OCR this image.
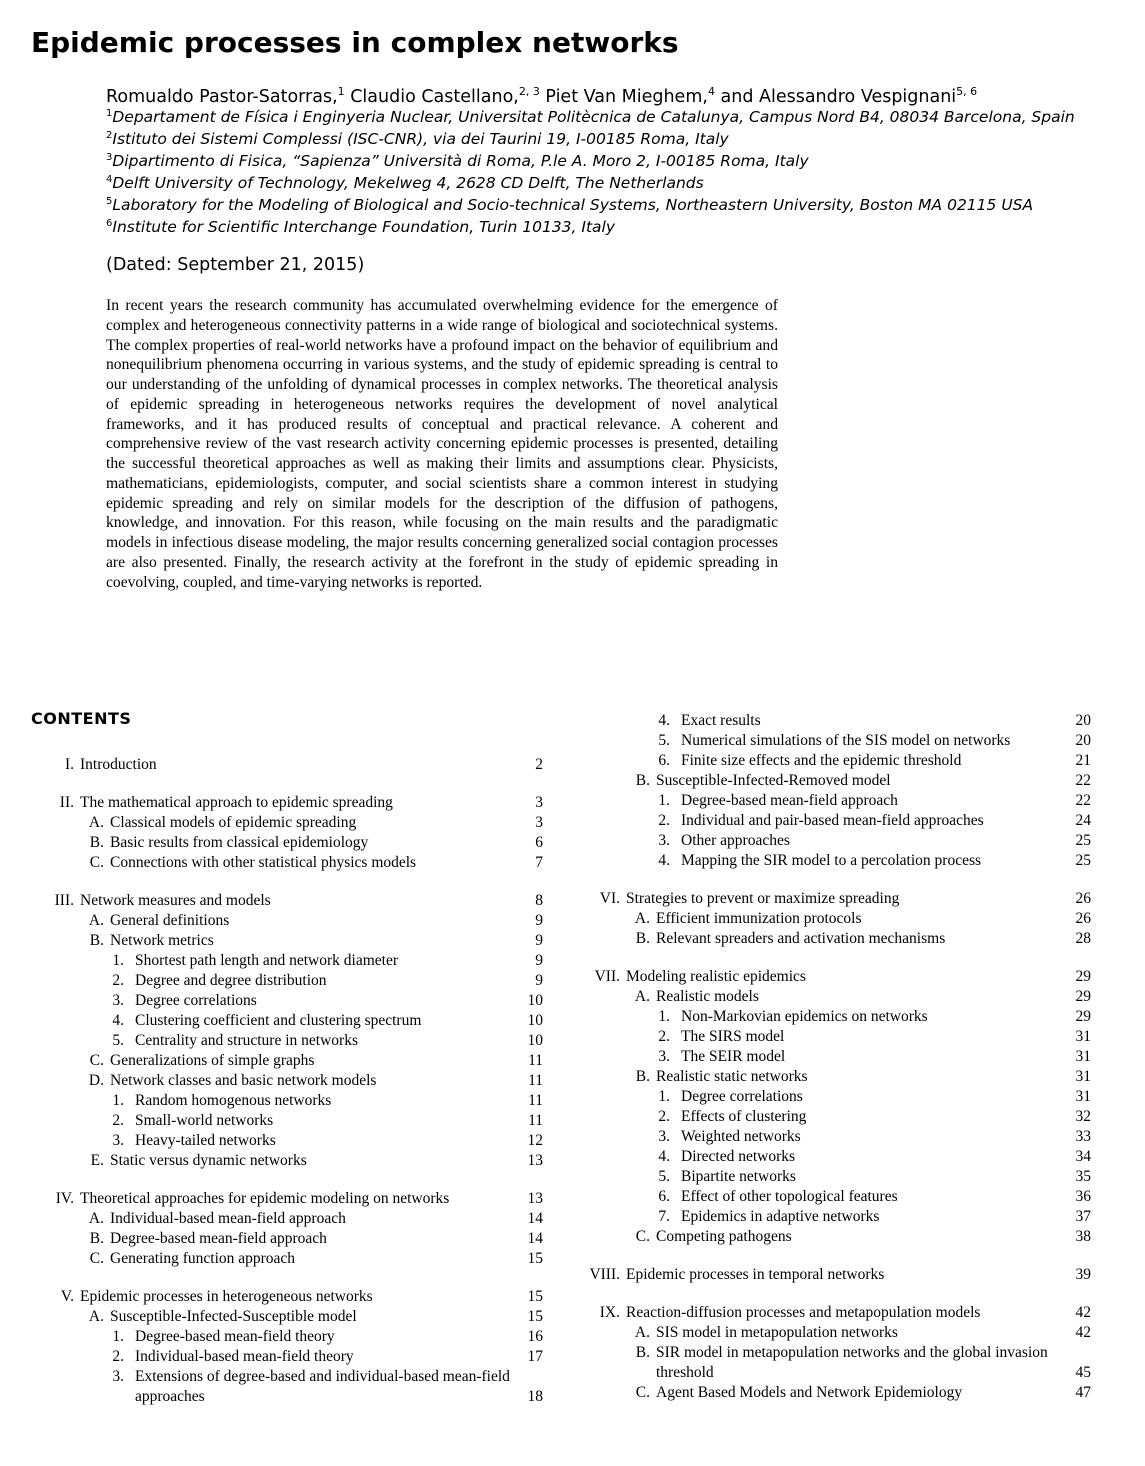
Epidemic processes in complex networks
Romualdo Pastor-Satorras,$^1$ Claudio Castellano,$^{2, 3}$ Piet Van Mieghem,$^4$ and Alessandro Vespignani$^{5, 6}$
$^1$Departament de Física i Enginyeria Nuclear, Universitat Politècnica de Catalunya, Campus Nord B4, 08034 Barcelona, Spain
$^2$Istituto dei Sistemi Complessi (ISC-CNR), via dei Taurini 19, I-00185 Roma, Italy
$^3$Dipartimento di Fisica, “Sapienza” Università di Roma, P.le A. Moro 2, I-00185 Roma, Italy
$^4$Delft University of Technology, Mekelweg 4, 2628 CD Delft, The Netherlands
$^5$Laboratory for the Modeling of Biological and Socio-technical Systems, Northeastern University, Boston MA 02115 USA
$^6$Institute for Scientific Interchange Foundation, Turin 10133, Italy
(Dated: September 21, 2015)

In recent years the research community has accumulated overwhelming evidence for the emergence of complex and heterogeneous connectivity patterns in a wide range of biological and sociotechnical systems. The complex properties of real-world networks have a profound impact on the behavior of equilibrium and nonequilibrium phenomena occurring in various systems, and the study of epidemic spreading is central to our understanding of the unfolding of dynamical processes in complex networks. The theoretical analysis of epidemic spreading in heterogeneous networks requires the development of novel analytical frameworks, and it has produced results of conceptual and practical relevance. A coherent and comprehensive review of the vast research activity concerning epidemic processes is presented, detailing the successful theoretical approaches as well as making their limits and assumptions clear. Physicists, mathematicians, epidemiologists, computer, and social scientists share a common interest in studying epidemic spreading and rely on similar models for the description of the diffusion of pathogens, knowledge, and innovation. For this reason, while focusing on the main results and the paradigmatic models in infectious disease modeling, the major results concerning generalized social contagion processes are also presented. Finally, the research activity at the forefront in the study of epidemic spreading in coevolving, coupled, and time-varying networks is reported.

CONTENTS
I. Introduction	2
II. The mathematical approach to epidemic spreading	3
A. Classical models of epidemic spreading	3
B. Basic results from classical epidemiology	6
C. Connections with other statistical physics models	7
III. Network measures and models	8
A. General definitions	9
B. Network metrics	9
1. Shortest path length and network diameter	9
2. Degree and degree distribution	9
3. Degree correlations	10
4. Clustering coefficient and clustering spectrum	10
5. Centrality and structure in networks	10
C. Generalizations of simple graphs	11
D. Network classes and basic network models	11
1. Random homogenous networks	11
2. Small-world networks	11
3. Heavy-tailed networks	12
E. Static versus dynamic networks	13
IV. Theoretical approaches for epidemic modeling on networks	13
A. Individual-based mean-field approach	14
B. Degree-based mean-field approach	14
C. Generating function approach	15
V. Epidemic processes in heterogeneous networks	15
A. Susceptible-Infected-Susceptible model	15
1. Degree-based mean-field theory	16
2. Individual-based mean-field theory	17
3. Extensions of degree-based and individual-based mean-field approaches	18
4. Exact results	20
5. Numerical simulations of the SIS model on networks	20
6. Finite size effects and the epidemic threshold	21
B. Susceptible-Infected-Removed model	22
1. Degree-based mean-field approach	22
2. Individual and pair-based mean-field approaches	24
3. Other approaches	25
4. Mapping the SIR model to a percolation process	25
VI. Strategies to prevent or maximize spreading	26
A. Efficient immunization protocols	26
B. Relevant spreaders and activation mechanisms	28
VII. Modeling realistic epidemics	29
A. Realistic models	29
1. Non-Markovian epidemics on networks	29
2. The SIRS model	31
3. The SEIR model	31
B. Realistic static networks	31
1. Degree correlations	31
2. Effects of clustering	32
3. Weighted networks	33
4. Directed networks	34
5. Bipartite networks	35
6. Effect of other topological features	36
7. Epidemics in adaptive networks	37
C. Competing pathogens	38
VIII. Epidemic processes in temporal networks	39
IX. Reaction-diffusion processes and metapopulation models	42
A. SIS model in metapopulation networks	42
B. SIR model in metapopulation networks and the global invasion threshold	45
C. Agent Based Models and Network Epidemiology	47
